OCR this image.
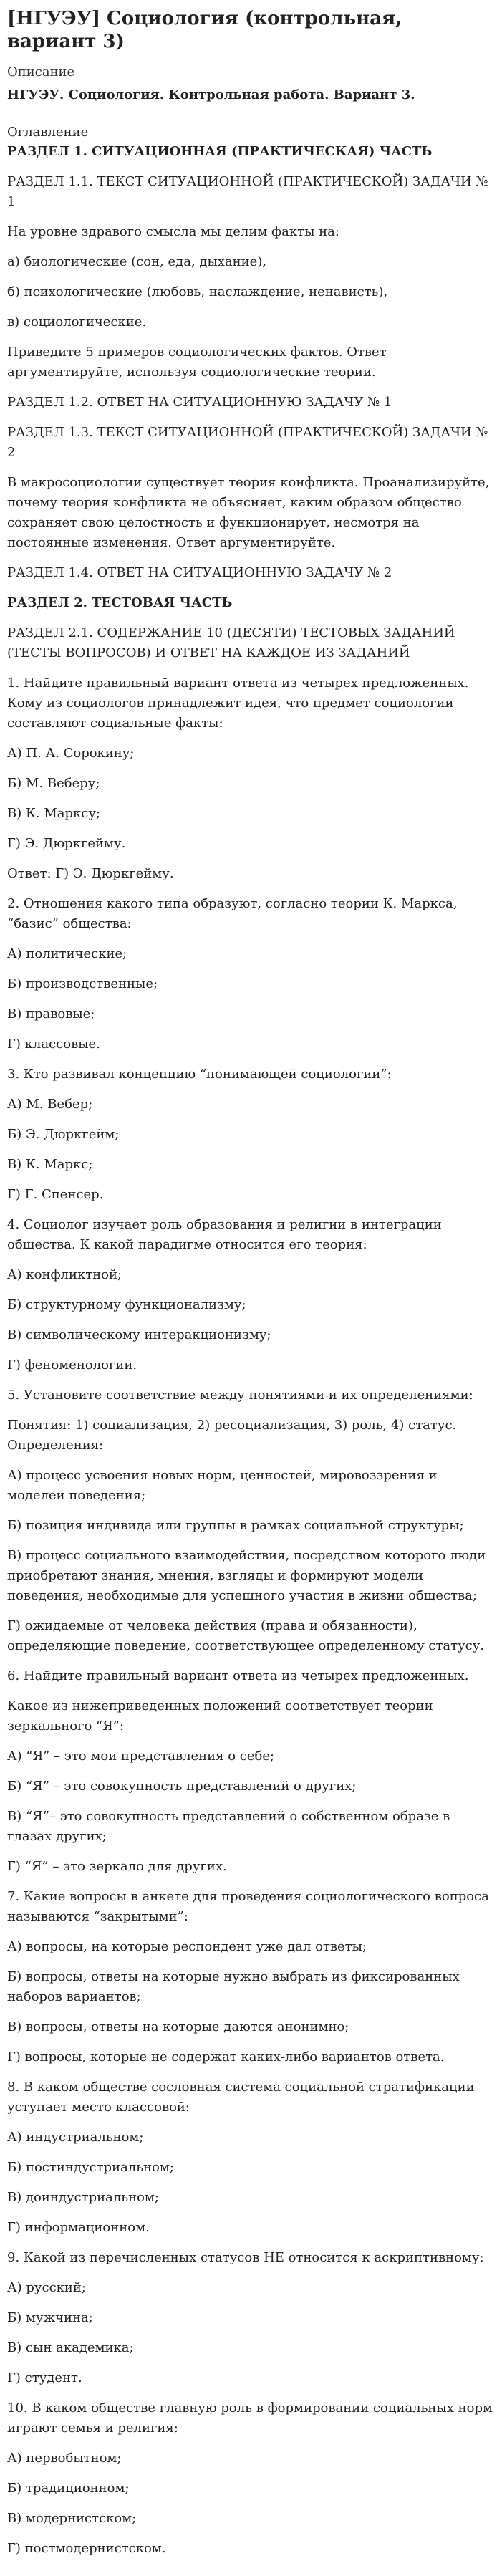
[НГУЭУ] Социология (контрольная, вариант 3)
Описание
НГУЭУ. Социология. Контрольная работа. Вариант 3.
Оглавление

РАЗДЕЛ 1. СИТУАЦИОННАЯ (ПРАКТИЧЕСКАЯ) ЧАСТЬ

РАЗДЕЛ 1.1. ТЕКСТ СИТУАЦИОННОЙ (ПРАКТИЧЕСКОЙ) ЗАДАЧИ № 1

На уровне здравого смысла мы делим факты на:

а) биологические (сон, еда, дыхание),

б) психологические (любовь, наслаждение, ненависть),

в) социологические.

Приведите 5 примеров социологических фактов. Ответ аргументируйте, используя социологические теории.

РАЗДЕЛ 1.2. ОТВЕТ НА СИТУАЦИОННУЮ ЗАДАЧУ № 1

РАЗДЕЛ 1.3. ТЕКСТ СИТУАЦИОННОЙ (ПРАКТИЧЕСКОЙ) ЗАДАЧИ № 2

В макросоциологии существует теория конфликта. Проанализируйте, почему теория конфликта не объясняет, каким образом общество сохраняет свою целостность и функционирует, несмотря на постоянные изменения. Ответ аргументируйте.

РАЗДЕЛ 1.4. ОТВЕТ НА СИТУАЦИОННУЮ ЗАДАЧУ № 2

РАЗДЕЛ 2. ТЕСТОВАЯ ЧАСТЬ

РАЗДЕЛ 2.1. СОДЕРЖАНИЕ 10 (ДЕСЯТИ) ТЕСТОВЫХ ЗАДАНИЙ (ТЕСТЫ ВОПРОСОВ) И ОТВЕТ НА КАЖДОЕ ИЗ ЗАДАНИЙ

1. Найдите правильный вариант ответа из четырех предложенных. Кому из социологов принадлежит идея, что предмет социологии составляют социальные факты:

А) П. А. Сорокину;

Б) М. Веберу;

В) К. Марксу;

Г) Э. Дюркгейму.

Ответ: Г) Э. Дюркгейму.

2. Отношения какого типа образуют, согласно теории К. Маркса, “базис” общества:

А) политические;

Б) производственные;

В) правовые;

Г) классовые.

3. Кто развивал концепцию “понимающей социологии”:

А) М. Вебер;

Б) Э. Дюркгейм;

В) К. Маркс;

Г) Г. Спенсер.

4. Социолог изучает роль образования и религии в интеграции общества. К какой парадигме относится его теория:

А) конфликтной;

Б) структурному функционализму;

В) символическому интеракционизму;

Г) феноменологии.

5. Установите соответствие между понятиями и их определениями:

Понятия: 1) социализация, 2) ресоциализация, 3) роль, 4) статус. Определения:

А) процесс усвоения новых норм, ценностей, мировоззрения и моделей поведения;

Б) позиция индивида или группы в рамках социальной структуры;

В) процесс социального взаимодействия, посредством которого люди приобретают знания, мнения, взгляды и формируют модели поведения, необходимые для успешного участия в жизни общества;

Г) ожидаемые от человека действия (права и обязанности), определяющие поведение, соответствующее определенному статусу.

6. Найдите правильный вариант ответа из четырех предложенных.

Какое из нижеприведенных положений соответствует теории зеркального “Я”:

А) “Я” – это мои представления о себе;

Б) “Я” – это совокупность представлений о других;

В) “Я”– это совокупность представлений о собственном образе в глазах других;

Г) “Я” – это зеркало для других.

7. Какие вопросы в анкете для проведения социологического вопроса называются “закрытыми”:

А) вопросы, на которые респондент уже дал ответы;

Б) вопросы, ответы на которые нужно выбрать из фиксированных наборов вариантов;

В) вопросы, ответы на которые даются анонимно;

Г) вопросы, которые не содержат каких-либо вариантов ответа.

8. В каком обществе сословная система социальной стратификации уступает место классовой:

А) индустриальном;

Б) постиндустриальном;

В) доиндустриальном;

Г) информационном.

9. Какой из перечисленных статусов НЕ относится к аскриптивному:

А) русский;

Б) мужчина;

В) сын академика;

Г) студент.

10. В каком обществе главную роль в формировании социальных норм играют семья и религия:

А) первобытном;

Б) традиционном;

В) модернистском;

Г) постмодернистском.
